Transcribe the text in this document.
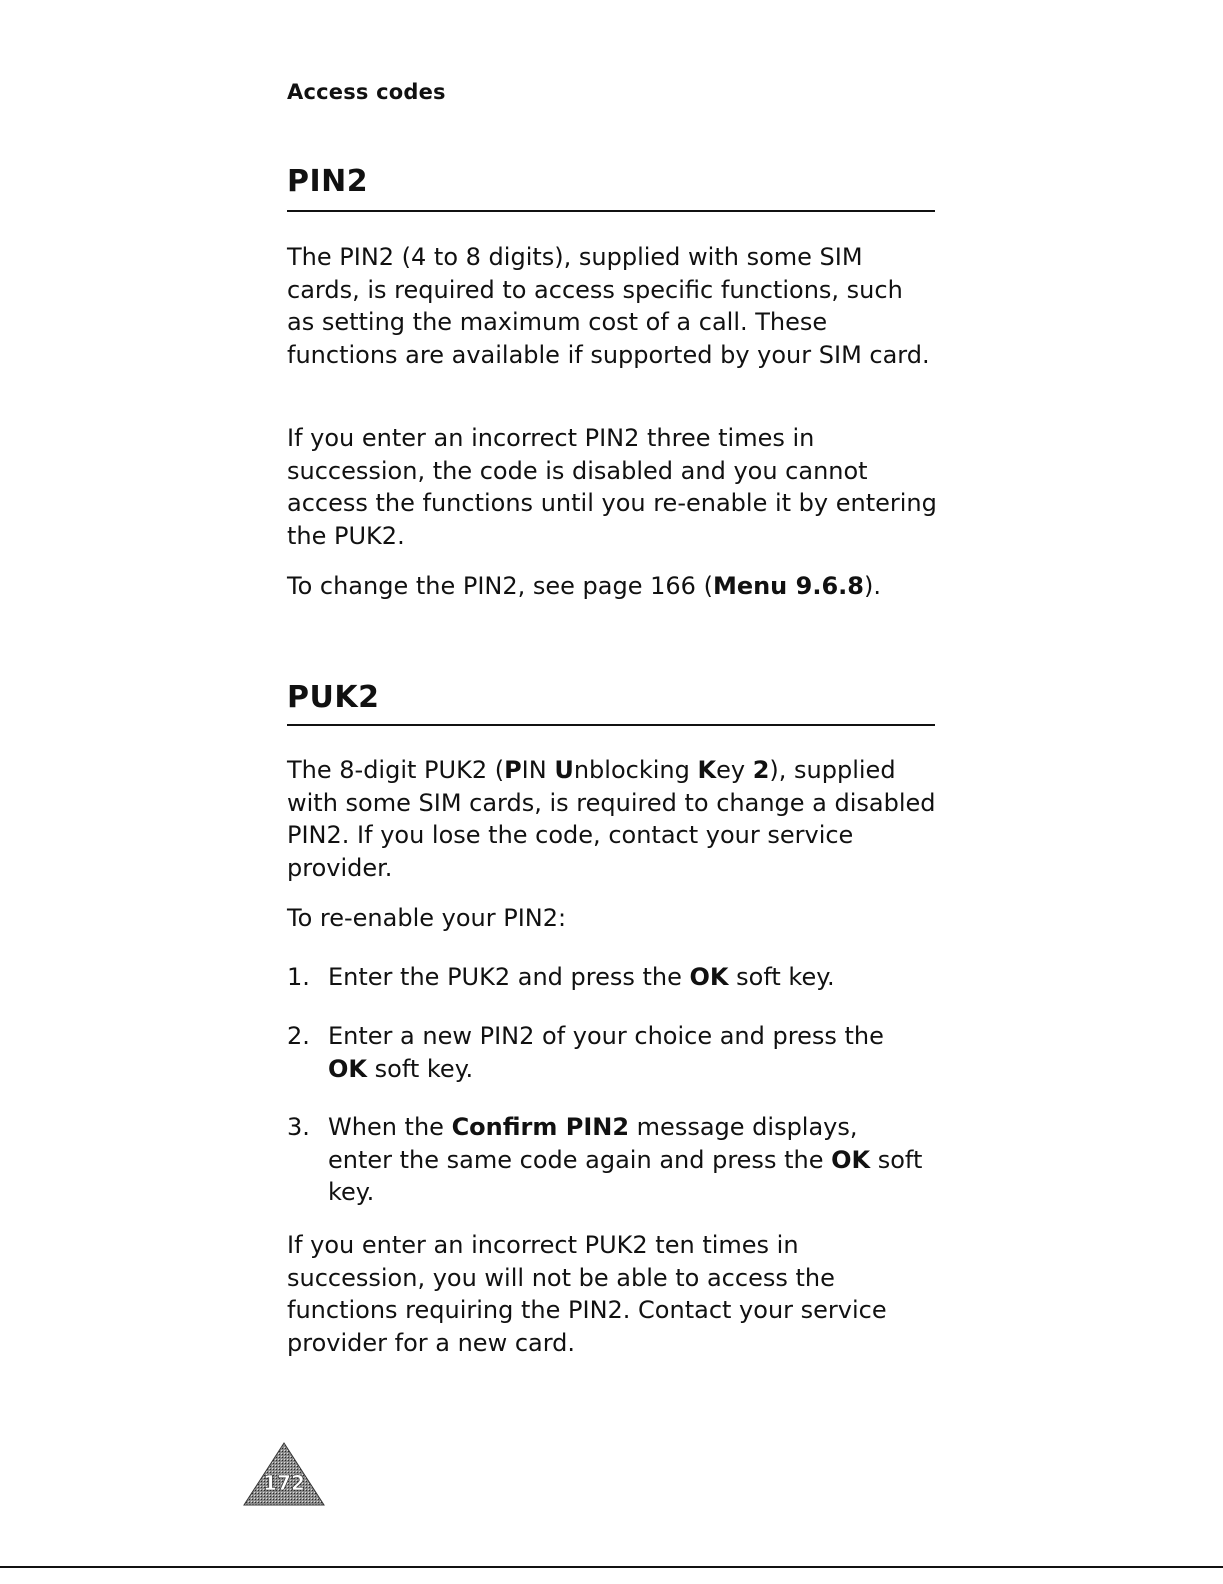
Access codes
PIN2

The PIN2 (4 to 8 digits), supplied with some SIM cards, is required to access specific functions, such as setting the maximum cost of a call. These functions are available if supported by your SIM card.

If you enter an incorrect PIN2 three times in succession, the code is disabled and you cannot access the functions until you re-enable it by entering the PUK2.

To change the PIN2, see page 166 (Menu 9.6.8).

PUK2

The 8-digit PUK2 (PIN Unblocking Key 2), supplied with some SIM cards, is required to change a disabled PIN2. If you lose the code, contact your service provider.

To re-enable your PIN2:

1. Enter the PUK2 and press the OK soft key.
2. Enter a new PIN2 of your choice and press the OK soft key.
3. When the Confirm PIN2 message displays, enter the same code again and press the OK soft key.

If you enter an incorrect PUK2 ten times in succession, you will not be able to access the functions requiring the PIN2. Contact your service provider for a new card.

172
